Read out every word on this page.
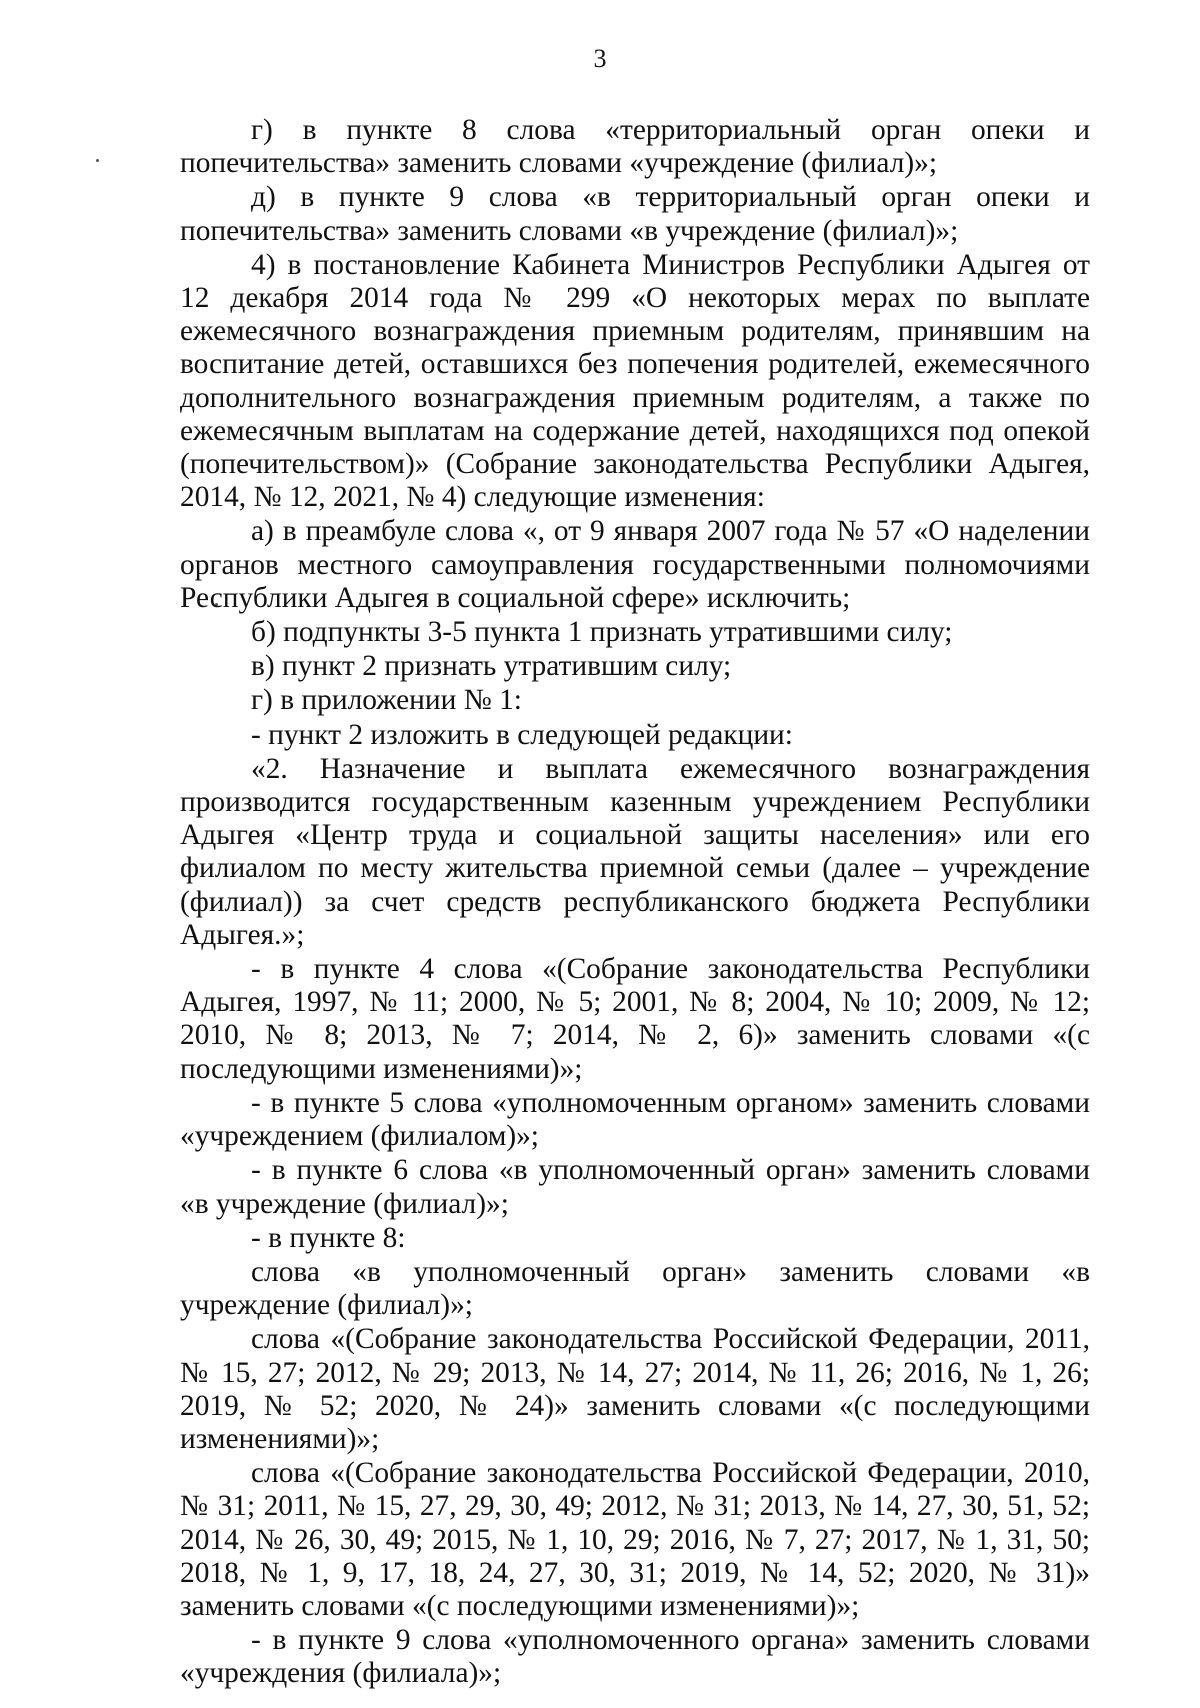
3

г) в пункте 8 слова «территориальный орган опеки и попечительства» заменить словами «учреждение (филиал)»;

д) в пункте 9 слова «в территориальный орган опеки и попечительства» заменить словами «в учреждение (филиал)»;

4) в постановление Кабинета Министров Республики Адыгея от 12 декабря 2014 года № 299 «О некоторых мерах по выплате ежемесячного вознаграждения приемным родителям, принявшим на воспитание детей, оставшихся без попечения родителей, ежемесячного дополнительного вознаграждения приемным родителям, а также по ежемесячным выплатам на содержание детей, находящихся под опекой (попечительством)» (Собрание законодательства Республики Адыгея, 2014, № 12, 2021, № 4) следующие изменения:

а) в преамбуле слова «, от 9 января 2007 года № 57 «О наделении органов местного самоуправления государственными полномочиями Республики Адыгея в социальной сфере» исключить;

б) подпункты 3-5 пункта 1 признать утратившими силу;

в) пункт 2 признать утратившим силу;

г) в приложении № 1:

- пункт 2 изложить в следующей редакции:

«2. Назначение и выплата ежемесячного вознаграждения производится государственным казенным учреждением Республики Адыгея «Центр труда и социальной защиты населения» или его филиалом по месту жительства приемной семьи (далее – учреждение (филиал)) за счет средств республиканского бюджета Республики Адыгея.»;

- в пункте 4 слова «(Собрание законодательства Республики Адыгея, 1997, № 11; 2000, № 5; 2001, № 8; 2004, № 10; 2009, № 12; 2010, № 8; 2013, № 7; 2014, № 2, 6)» заменить словами «(с последующими изменениями)»;

- в пункте 5 слова «уполномоченным органом» заменить словами «учреждением (филиалом)»;

- в пункте 6 слова «в уполномоченный орган» заменить словами «в учреждение (филиал)»;

- в пункте 8:

слова «в уполномоченный орган» заменить словами «в учреждение (филиал)»;

слова «(Собрание законодательства Российской Федерации, 2011, № 15, 27; 2012, № 29; 2013, № 14, 27; 2014, № 11, 26; 2016, № 1, 26; 2019, № 52; 2020, № 24)» заменить словами «(с последующими изменениями)»;

слова «(Собрание законодательства Российской Федерации, 2010, № 31; 2011, № 15, 27, 29, 30, 49; 2012, № 31; 2013, № 14, 27, 30, 51, 52; 2014, № 26, 30, 49; 2015, № 1, 10, 29; 2016, № 7, 27; 2017, № 1, 31, 50; 2018, № 1, 9, 17, 18, 24, 27, 30, 31; 2019, № 14, 52; 2020, № 31)» заменить словами «(с последующими изменениями)»;

- в пункте 9 слова «уполномоченного органа» заменить словами «учреждения (филиала)»;
